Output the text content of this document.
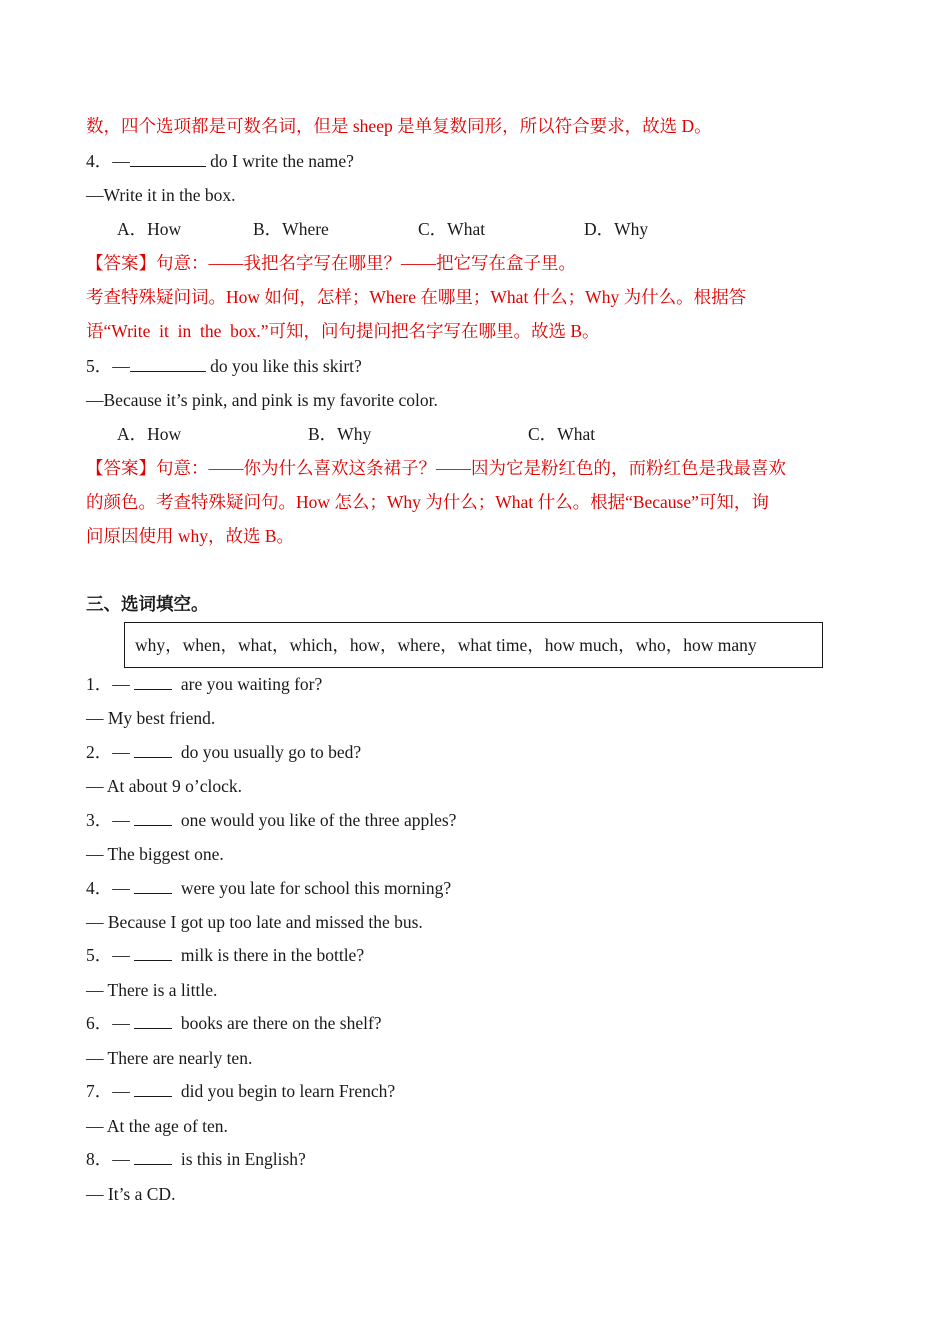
数，四个选项都是可数名词，但是 sheep 是单复数同形，所以符合要求，故选 D。
4．—	do I write the name?
—Write it in the box.
A．How	B．Where	C．What	D．Why
【答案】句意：——我把名字写在哪里？——把它写在盒子里。
考查特殊疑问词。How 如何，怎样；Where 在哪里；What 什么；Why 为什么。根据答
语“Write  it  in  the  box.”可知，问句提问把名字写在哪里。故选 B。
5．—	do you like this skirt?
—Because it’s pink, and pink is my favorite color.
A．How	B．Why	C．What
【答案】句意：——你为什么喜欢这条裙子？——因为它是粉红色的，而粉红色是我最喜欢
的颜色。考查特殊疑问句。How 怎么；Why 为什么；What 什么。根据“Because”可知，询
问原因使用 why，故选 B。
三、选词填空。
why，when，what，which，how，where，what time，how much，who，how many
1．—	are you waiting for?
— My best friend.
2．—	do you usually go to bed?
— At about 9 o’clock.
3．—	one would you like of the three apples?
— The biggest one.
4．—	were you late for school this morning?
— Because I got up too late and missed the bus.
5．—	milk is there in the bottle?
— There is a little.
6．—	books are there on the shelf?
— There are nearly ten.
7．—	did you begin to learn French?
— At the age of ten.
8．—	is this in English?
— It’s a CD.
